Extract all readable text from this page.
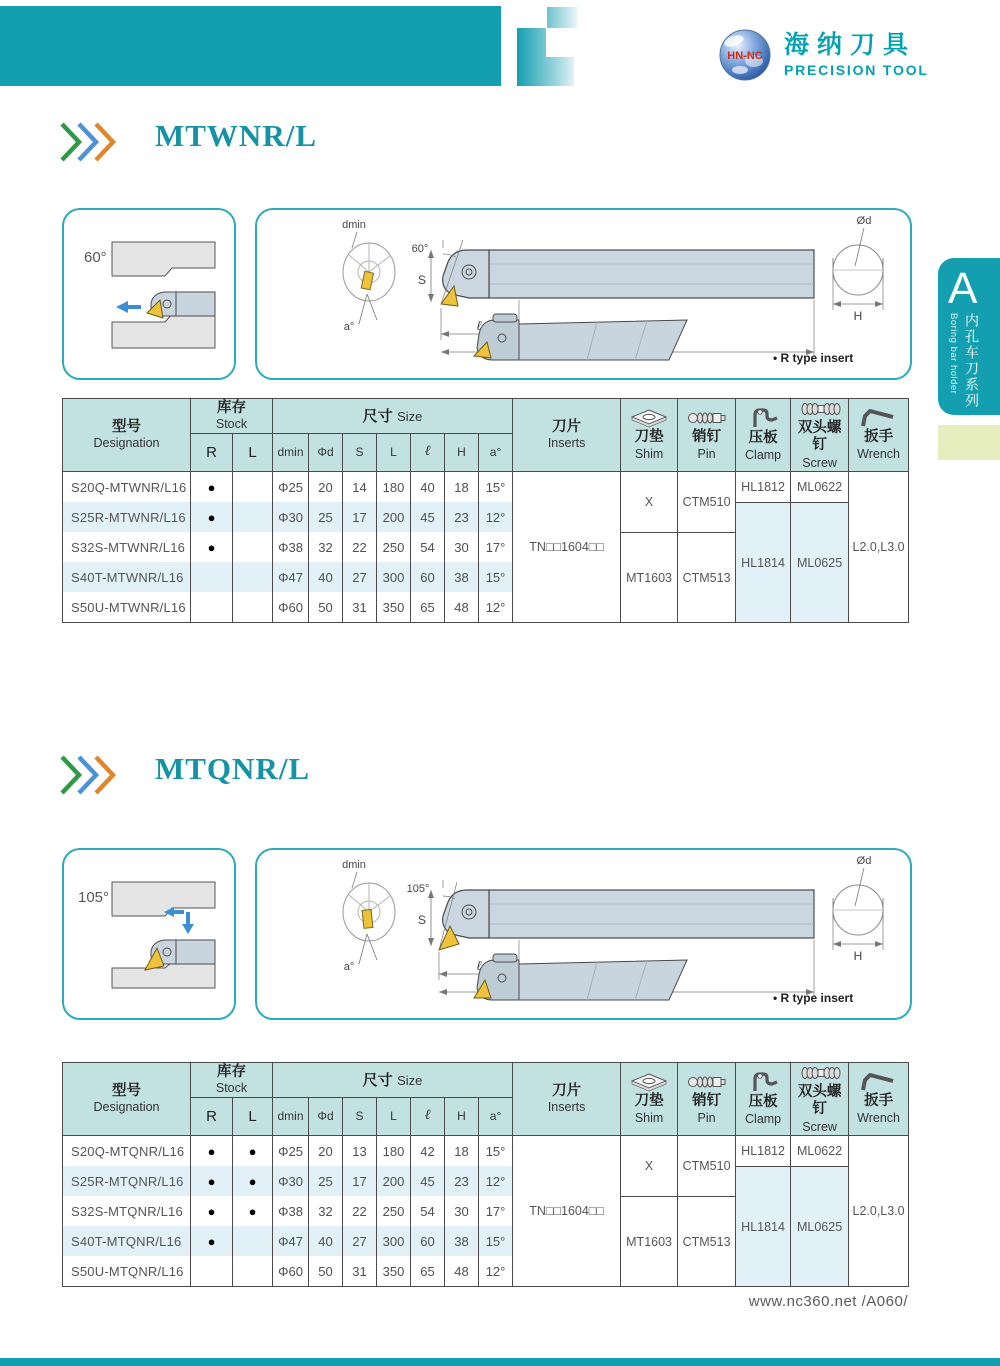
HN-NC 海纳刀具
PRECISION TOOL
A
Boring bar holder 内孔车刀系列
www.nc360.net /A060/
MTWNR/L
60°
dmin
a°
60°
S
ℓ
Ød
H
• R type insert
型号
Designation	库存
Stock		尺寸 Size							刀片
Inserts	刀垫
Shim	销钉
Pin	压板
Clamp	双头螺钉
Screw	扳手
Wrench

	R	L	dmin	Φd	S	L	ℓ	H	a°						
S20Q-MTWNR/L16	●		Φ25	20	14	180	40	18	15°	TN□□1604□□	X	CTM510	HL1812	ML0622	L2.0,L3.0
S25R-MTWNR/L16	●		Φ30	25	17	200	45	23	12°				HL1814	ML0625	
S32S-MTWNR/L16	●		Φ38	32	22	250	54	30	17°		MT1603	CTM513			
S40T-MTWNR/L16			Φ47	40	27	300	60	38	15°						
S50U-MTWNR/L16			Φ60	50	31	350	65	48	12°						
MTQNR/L
105°
dmin
a°
105°
S
ℓ
Ød
H
• R type insert
型号
Designation	库存
Stock		尺寸 Size							刀片
Inserts	刀垫
Shim	销钉
Pin	压板
Clamp	双头螺钉
Screw	扳手
Wrench

	R	L	dmin	Φd	S	L	ℓ	H	a°						
S20Q-MTQNR/L16	●	●	Φ25	20	13	180	42	18	15°	TN□□1604□□	X	CTM510	HL1812	ML0622	L2.0,L3.0
S25R-MTQNR/L16	●	●	Φ30	25	17	200	45	23	12°				HL1814	ML0625	
S32S-MTQNR/L16	●	●	Φ38	32	22	250	54	30	17°		MT1603	CTM513			
S40T-MTQNR/L16	●		Φ47	40	27	300	60	38	15°						
S50U-MTQNR/L16			Φ60	50	31	350	65	48	12°						
